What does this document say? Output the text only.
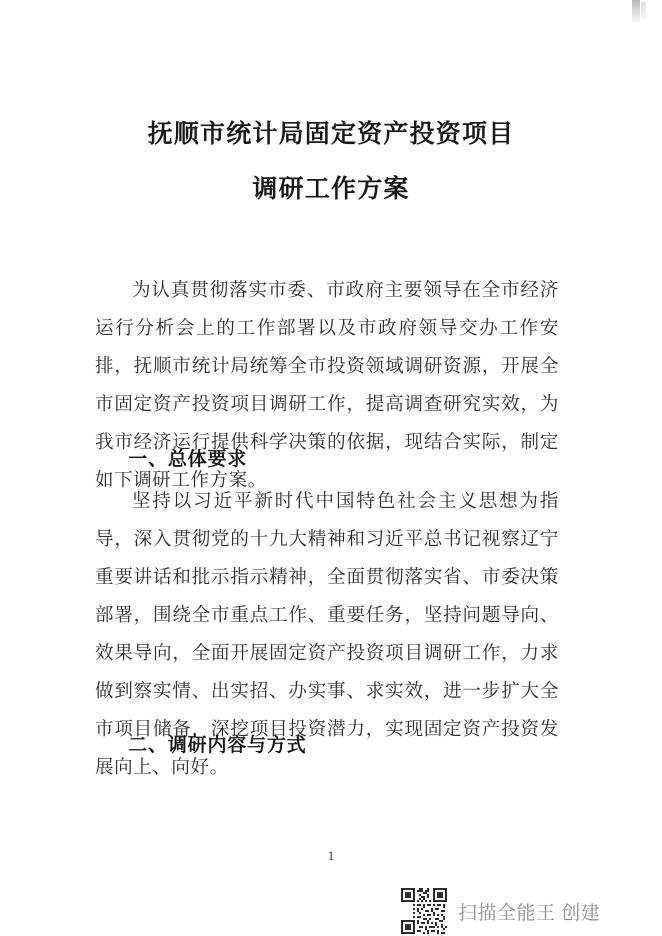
抚顺市统计局固定资产投资项目
调研工作方案

为认真贯彻落实市委、市政府主要领导在全市经济运行分析会上的工作部署以及市政府领导交办工作安排，抚顺市统计局统筹全市投资领域调研资源，开展全市固定资产投资项目调研工作，提高调查研究实效，为我市经济运行提供科学决策的依据，现结合实际，制定如下调研工作方案。

一、总体要求

坚持以习近平新时代中国特色社会主义思想为指导，深入贯彻党的十九大精神和习近平总书记视察辽宁重要讲话和批示指示精神，全面贯彻落实省、市委决策部署，围绕全市重点工作、重要任务，坚持问题导向、效果导向，全面开展固定资产投资项目调研工作，力求做到察实情、出实招、办实事、求实效，进一步扩大全市项目储备，深挖项目投资潜力，实现固定资产投资发展向上、向好。

二、调研内容与方式
1
扫描全能王 创建
